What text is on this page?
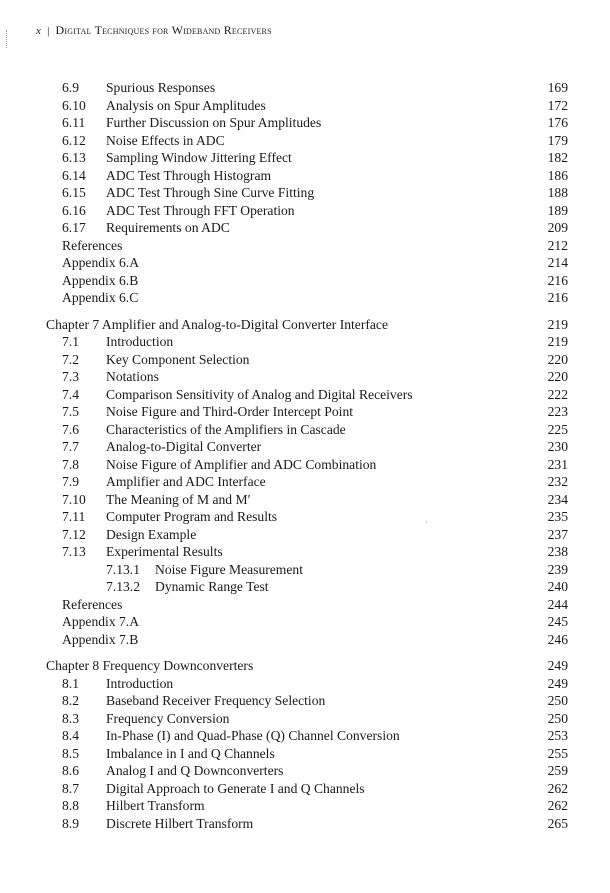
x | Digital Techniques for Wideband Receivers
6.9 Spurious Responses	169
6.10 Analysis on Spur Amplitudes	172
6.11 Further Discussion on Spur Amplitudes	176
6.12 Noise Effects in ADC	179
6.13 Sampling Window Jittering Effect	182
6.14 ADC Test Through Histogram	186
6.15 ADC Test Through Sine Curve Fitting	188
6.16 ADC Test Through FFT Operation	189
6.17 Requirements on ADC	209
References	212
Appendix 6.A	214
Appendix 6.B	216
Appendix 6.C	216
Chapter 7 Amplifier and Analog-to-Digital Converter Interface	219
7.1 Introduction	219
7.2 Key Component Selection	220
7.3 Notations	220
7.4 Comparison Sensitivity of Analog and Digital Receivers	222
7.5 Noise Figure and Third-Order Intercept Point	223
7.6 Characteristics of the Amplifiers in Cascade	225
7.7 Analog-to-Digital Converter	230
7.8 Noise Figure of Amplifier and ADC Combination	231
7.9 Amplifier and ADC Interface	232
7.10 The Meaning of M and M′	234
7.11 Computer Program and Results	235
7.12 Design Example	237
7.13 Experimental Results	238
7.13.1 Noise Figure Measurement	239
7.13.2 Dynamic Range Test	240
References	244
Appendix 7.A	245
Appendix 7.B	246
Chapter 8 Frequency Downconverters	249
8.1 Introduction	249
8.2 Baseband Receiver Frequency Selection	250
8.3 Frequency Conversion	250
8.4 In-Phase (I) and Quad-Phase (Q) Channel Conversion	253
8.5 Imbalance in I and Q Channels	255
8.6 Analog I and Q Downconverters	259
8.7 Digital Approach to Generate I and Q Channels	262
8.8 Hilbert Transform	262
8.9 Discrete Hilbert Transform	265
·
